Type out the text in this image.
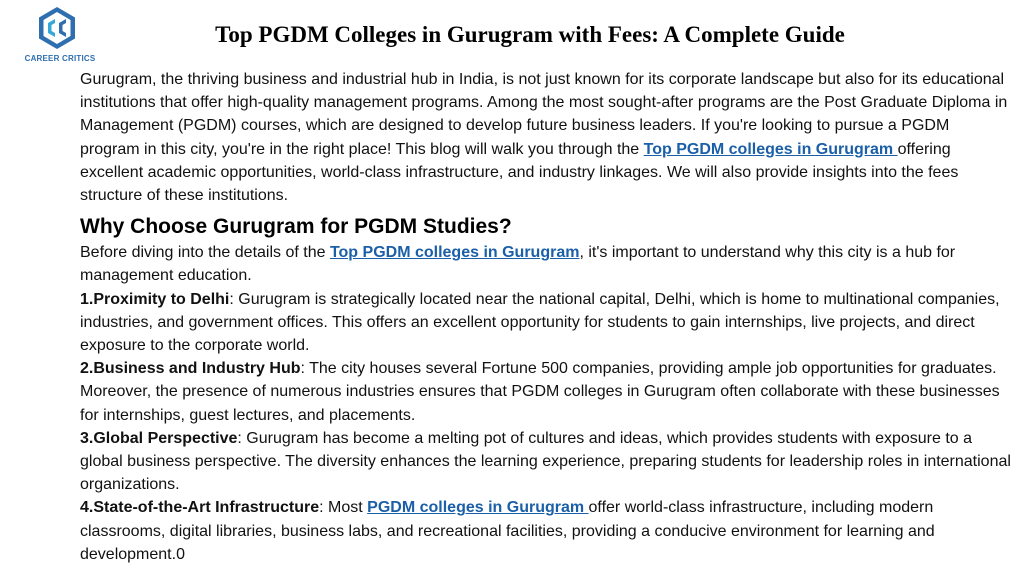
CAREER CRITICS
Top PGDM Colleges in Gurugram with Fees: A Complete Guide

Gurugram, the thriving business and industrial hub in India, is not just known for its corporate landscape but also for its educational institutions that offer high-quality management programs. Among the most sought-after programs are the Post Graduate Diploma in Management (PGDM) courses, which are designed to develop future business leaders. If you're looking to pursue a PGDM program in this city, you're in the right place! This blog will walk you through the Top PGDM colleges in Gurugram offering excellent academic opportunities, world-class infrastructure, and industry linkages. We will also provide insights into the fees structure of these institutions.

Why Choose Gurugram for PGDM Studies?

Before diving into the details of the Top PGDM colleges in Gurugram, it's important to understand why this city is a hub for management education.

1.Proximity to Delhi: Gurugram is strategically located near the national capital, Delhi, which is home to multinational companies, industries, and government offices. This offers an excellent opportunity for students to gain internships, live projects, and direct exposure to the corporate world.

2.Business and Industry Hub: The city houses several Fortune 500 companies, providing ample job opportunities for graduates. Moreover, the presence of numerous industries ensures that PGDM colleges in Gurugram often collaborate with these businesses for internships, guest lectures, and placements.

3.Global Perspective: Gurugram has become a melting pot of cultures and ideas, which provides students with exposure to a global business perspective. The diversity enhances the learning experience, preparing students for leadership roles in international organizations.

4.State-of-the-Art Infrastructure: Most PGDM colleges in Gurugram offer world-class infrastructure, including modern classrooms, digital libraries, business labs, and recreational facilities, providing a conducive environment for learning and development.0
